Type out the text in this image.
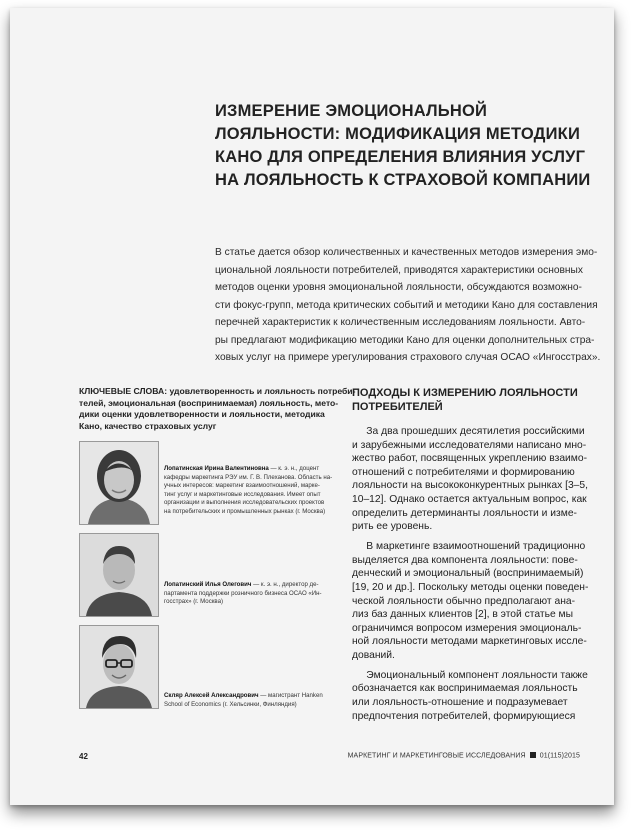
ИЗМЕРЕНИЕ ЭМОЦИОНАЛЬНОЙ
ЛОЯЛЬНОСТИ: МОДИФИКАЦИЯ МЕТОДИКИ
КАНО ДЛЯ ОПРЕДЕЛЕНИЯ ВЛИЯНИЯ УСЛУГ
НА ЛОЯЛЬНОСТЬ К СТРАХОВОЙ КОМПАНИИ

В статье дается обзор количественных и качественных методов измерения эмо-
циональной лояльности потребителей, приводятся характеристики основных
методов оценки уровня эмоциональной лояльности, обсуждаются возможно-
сти фокус-групп, метода критических событий и методики Кано для составления
перечней характеристик к количественным исследованиям лояльности. Авто-
ры предлагают модификацию методики Кано для оценки дополнительных стра-
ховых услуг на примере урегулирования страхового случая ОСАО «Ингосстрах».

КЛЮЧЕВЫЕ СЛОВА: удовлетворенность и лояльность потреби-
телей, эмоциональная (воспринимаемая) лояльность, мето-
дики оценки удовлетворенности и лояльности, методика
Кано, качество страховых услуг
Лопатинская Ирина Валентиновна — к. э. н., доцент
кафедры маркетинга РЭУ им. Г. В. Плеханова. Область на-
учных интересов: маркетинг взаимоотношений, марке-
тинг услуг и маркетинговые исследования. Имеет опыт
организации и выполнения исследовательских проектов
на потребительских и промышленных рынках (г. Москва)
Лопатинский Илья Олегович — к. э. н., директор де-
партамента поддержки розничного бизнеса ОСАО «Ин-
госстрах» (г. Москва)
Скляр Алексей Александрович — магистрант Hanken
School of Economics (г. Хельсинки, Финляндия)
ПОДХОДЫ К ИЗМЕРЕНИЮ ЛОЯЛЬНОСТИ
ПОТРЕБИТЕЛЕЙ
За два прошедших десятилетия российскими
и зарубежными исследователями написано мно-
жество работ, посвященных укреплению взаимо-
отношений с потребителями и формированию
лояльности на высококонкурентных рынках [3–5,
10–12]. Однако остается актуальным вопрос, как
определить детерминанты лояльности и изме-
рить ее уровень.
В маркетинге взаимоотношений традиционно
выделяется два компонента лояльности: пове-
денческий и эмоциональный (воспринимаемый)
[19, 20 и др.]. Поскольку методы оценки поведен-
ческой лояльности обычно предполагают ана-
лиз баз данных клиентов [2], в этой статье мы
ограничимся вопросом измерения эмоциональ-
ной лояльности методами маркетинговых иссле-
дований.
Эмоциональный компонент лояльности также
обозначается как воспринимаемая лояльность
или лояльность-отношение и подразумевает
предпочтения потребителей, формирующиеся
42	МАРКЕТИНГ И МАРКЕТИНГОВЫЕ ИССЛЕДОВАНИЯ 01(115)2015
